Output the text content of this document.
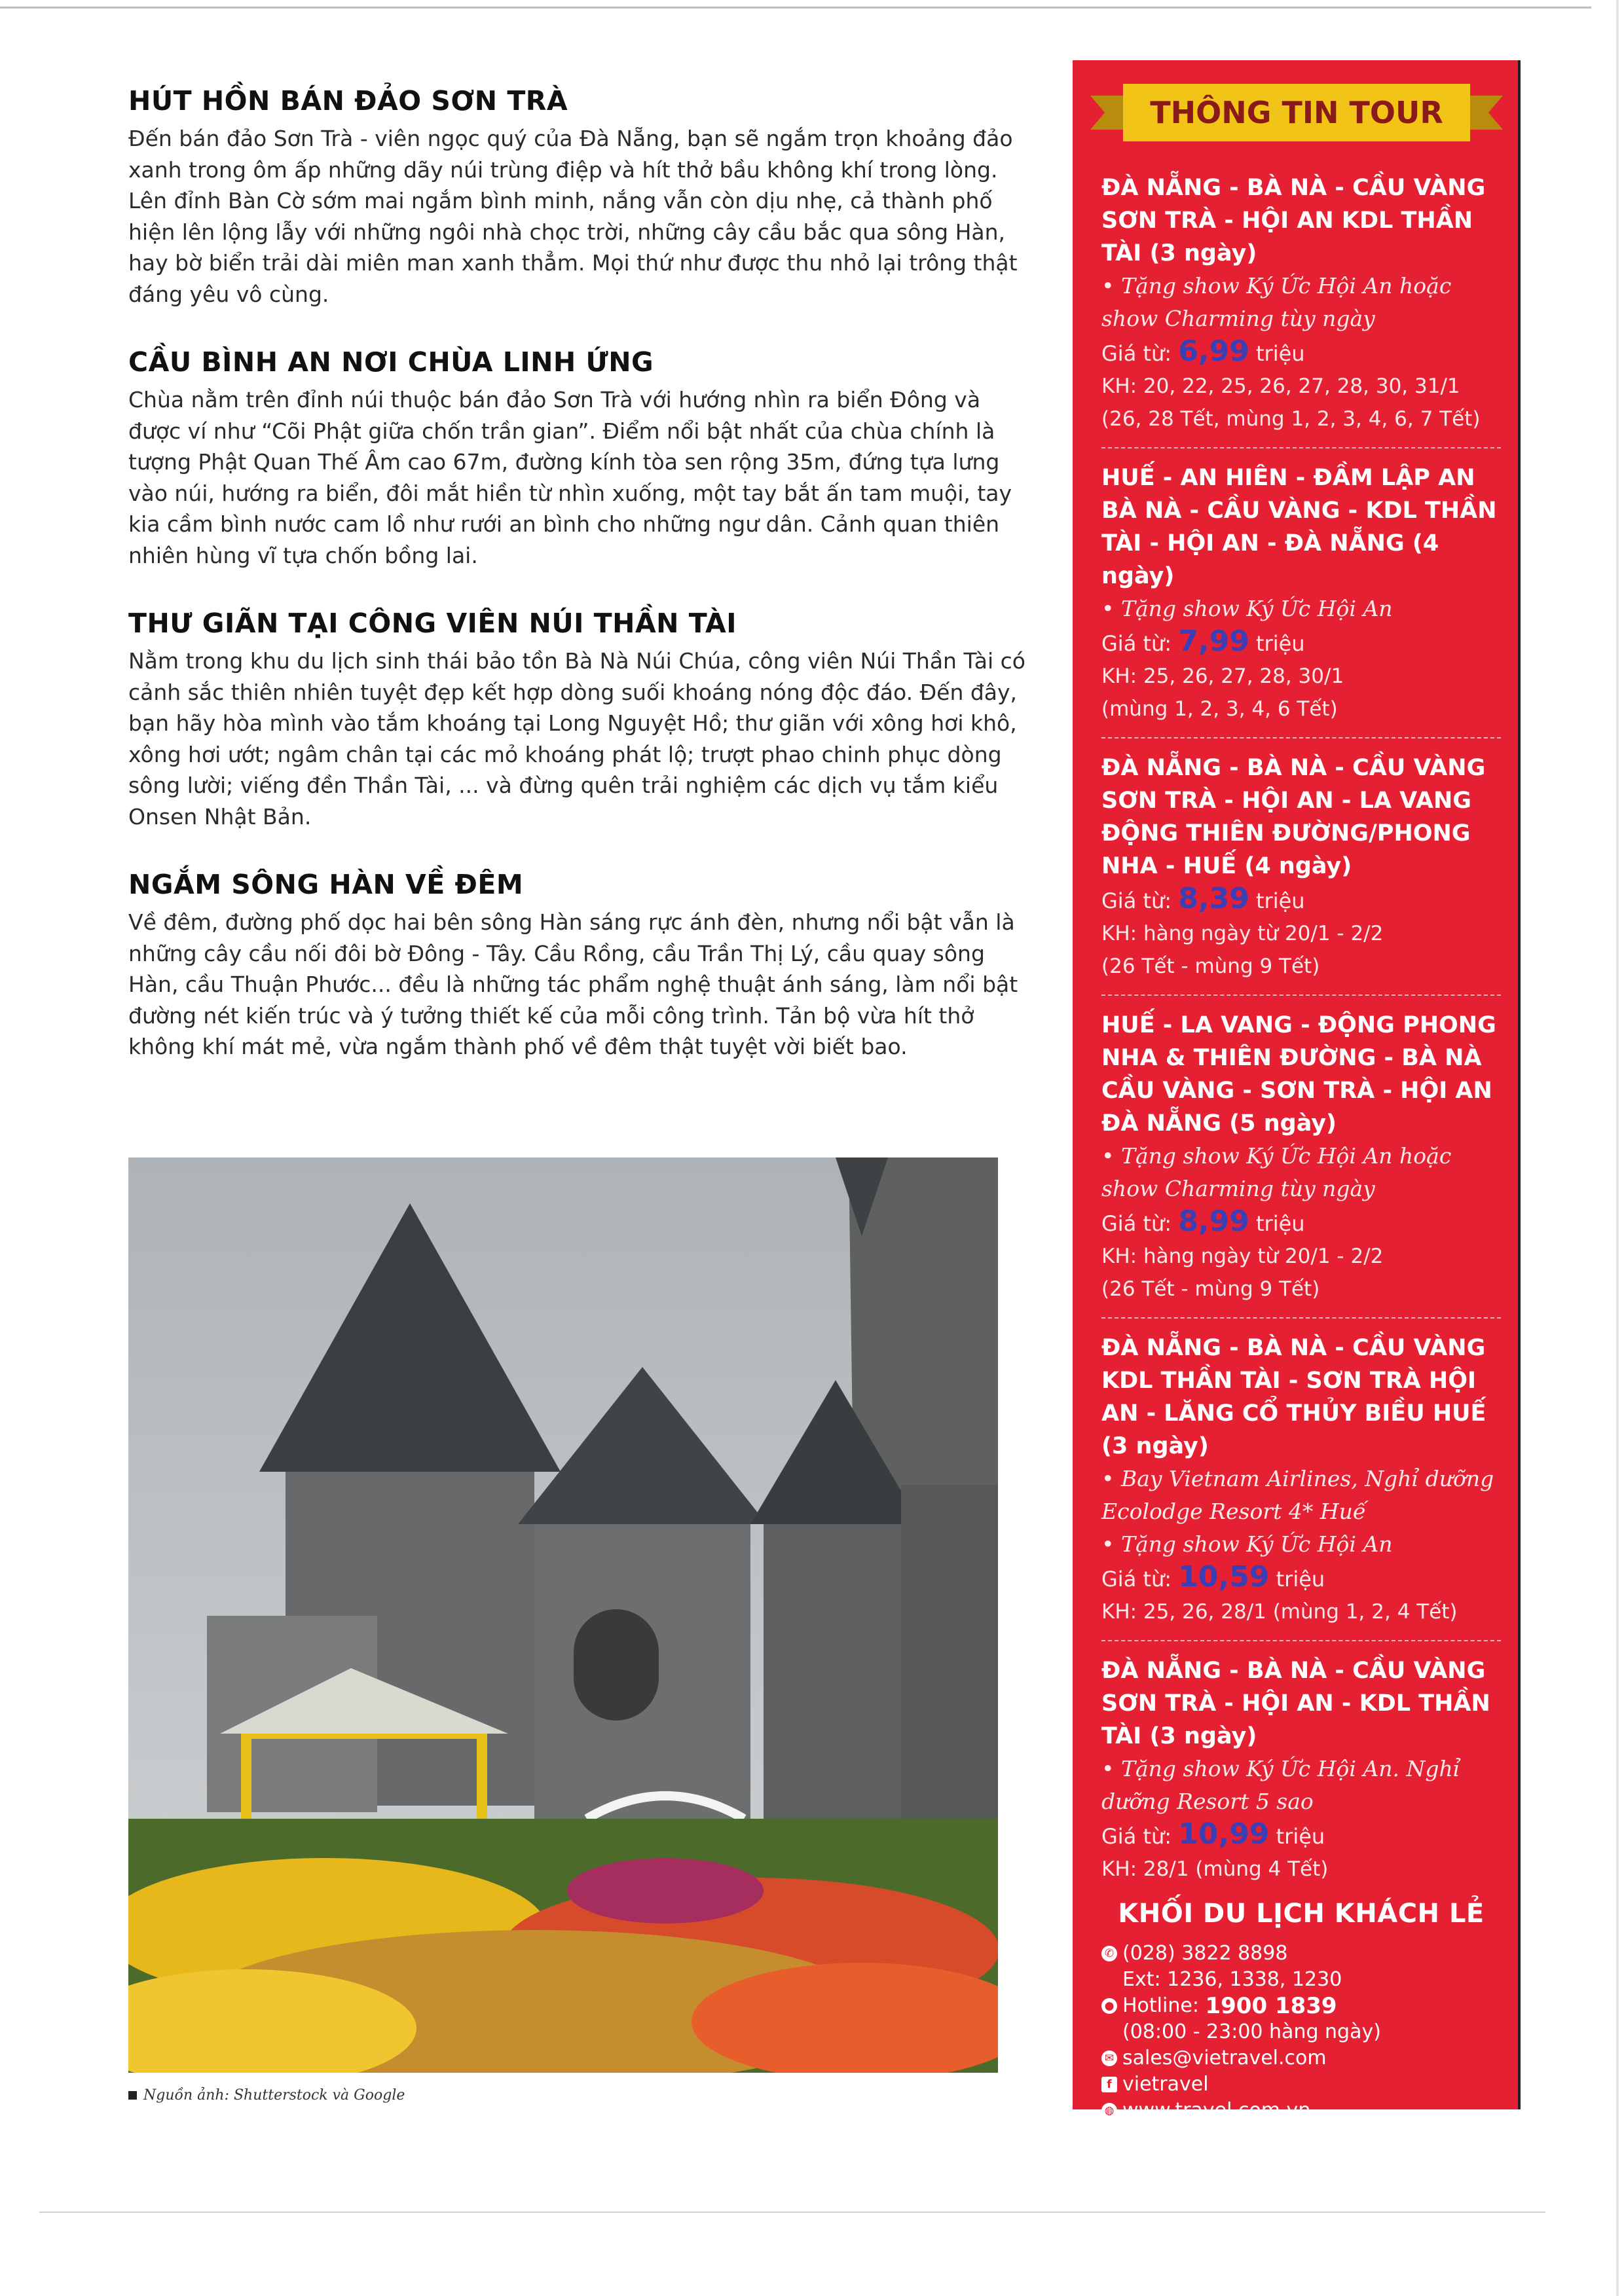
HÚT HỒN BÁN ĐẢO SƠN TRÀ

Đến bán đảo Sơn Trà - viên ngọc quý của Đà Nẵng, bạn sẽ ngắm trọn khoảng đảo xanh trong ôm ấp những dãy núi trùng điệp và hít thở bầu không khí trong lòng. Lên đỉnh Bàn Cờ sớm mai ngắm bình minh, nắng vẫn còn dịu nhẹ, cả thành phố hiện lên lộng lẫy với những ngôi nhà chọc trời, những cây cầu bắc qua sông Hàn, hay bờ biển trải dài miên man xanh thẳm. Mọi thứ như được thu nhỏ lại trông thật đáng yêu vô cùng.

CẦU BÌNH AN NƠI CHÙA LINH ỨNG

Chùa nằm trên đỉnh núi thuộc bán đảo Sơn Trà với hướng nhìn ra biển Đông và được ví như “Cõi Phật giữa chốn trần gian”. Điểm nổi bật nhất của chùa chính là tượng Phật Quan Thế Âm cao 67m, đường kính tòa sen rộng 35m, đứng tựa lưng vào núi, hướng ra biển, đôi mắt hiền từ nhìn xuống, một tay bắt ấn tam muội, tay kia cầm bình nước cam lồ như rưới an bình cho những ngư dân. Cảnh quan thiên nhiên hùng vĩ tựa chốn bồng lai.

THƯ GIÃN TẠI CÔNG VIÊN NÚI THẦN TÀI

Nằm trong khu du lịch sinh thái bảo tồn Bà Nà Núi Chúa, công viên Núi Thần Tài có cảnh sắc thiên nhiên tuyệt đẹp kết hợp dòng suối khoáng nóng độc đáo. Đến đây, bạn hãy hòa mình vào tắm khoáng tại Long Nguyệt Hồ; thư giãn với xông hơi khô, xông hơi ướt; ngâm chân tại các mỏ khoáng phát lộ; trượt phao chinh phục dòng sông lười; viếng đền Thần Tài, ... và đừng quên trải nghiệm các dịch vụ tắm kiểu Onsen Nhật Bản.

NGẮM SÔNG HÀN VỀ ĐÊM

Về đêm, đường phố dọc hai bên sông Hàn sáng rực ánh đèn, nhưng nổi bật vẫn là những cây cầu nối đôi bờ Đông - Tây. Cầu Rồng, cầu Trần Thị Lý, cầu quay sông Hàn, cầu Thuận Phước... đều là những tác phẩm nghệ thuật ánh sáng, làm nổi bật đường nét kiến trúc và ý tưởng thiết kế của mỗi công trình. Tản bộ vừa hít thở không khí mát mẻ, vừa ngắm thành phố về đêm thật tuyệt vời biết bao.

Nguồn ảnh: Shutterstock và Google
THÔNG TIN TOUR
ĐÀ NẴNG - BÀ NÀ - CẦU VÀNG SƠN TRÀ - HỘI AN KDL THẦN TÀI (3 ngày)
• Tặng show Ký Ức Hội An hoặc show Charming tùy ngày
Giá từ: 6,99 triệu
KH: 20, 22, 25, 26, 27, 28, 30, 31/1
(26, 28 Tết, mùng 1, 2, 3, 4, 6, 7 Tết)
HUẾ - AN HIÊN - ĐẦM LẬP AN BÀ NÀ - CẦU VÀNG - KDL THẦN TÀI - HỘI AN - ĐÀ NẴNG (4 ngày)
• Tặng show Ký Ức Hội An
Giá từ: 7,99 triệu
KH: 25, 26, 27, 28, 30/1
(mùng 1, 2, 3, 4, 6 Tết)
ĐÀ NẴNG - BÀ NÀ - CẦU VÀNG SƠN TRÀ - HỘI AN - LA VANG ĐỘNG THIÊN ĐƯỜNG/PHONG NHA - HUẾ (4 ngày)
Giá từ: 8,39 triệu
KH: hàng ngày từ 20/1 - 2/2
(26 Tết - mùng 9 Tết)
HUẾ - LA VANG - ĐỘNG PHONG NHA & THIÊN ĐƯỜNG - BÀ NÀ CẦU VÀNG - SƠN TRÀ - HỘI AN ĐÀ NẴNG (5 ngày)
• Tặng show Ký Ức Hội An hoặc show Charming tùy ngày
Giá từ: 8,99 triệu
KH: hàng ngày từ 20/1 - 2/2
(26 Tết - mùng 9 Tết)
ĐÀ NẴNG - BÀ NÀ - CẦU VÀNG KDL THẦN TÀI - SƠN TRÀ HỘI AN - LĂNG CỔ THỦY BIỀU HUẾ (3 ngày)
• Bay Vietnam Airlines, Nghỉ dưỡng Ecolodge Resort 4* Huế
• Tặng show Ký Ức Hội An
Giá từ: 10,59 triệu
KH: 25, 26, 28/1 (mùng 1, 2, 4 Tết)
ĐÀ NẴNG - BÀ NÀ - CẦU VÀNG SƠN TRÀ - HỘI AN - KDL THẦN TÀI (3 ngày)
• Tặng show Ký Ức Hội An. Nghỉ dưỡng Resort 5 sao
Giá từ: 10,99 triệu
KH: 28/1 (mùng 4 Tết)
KHỐI DU LỊCH KHÁCH LẺ
✆ (028) 3822 8898
Ext: 1236, 1338, 1230
● Hotline:
1900 1839
(08:00 - 23:00 hàng ngày)
✉ sales@vietravel.com
f vietravel
◍ www.travel.com.vn
